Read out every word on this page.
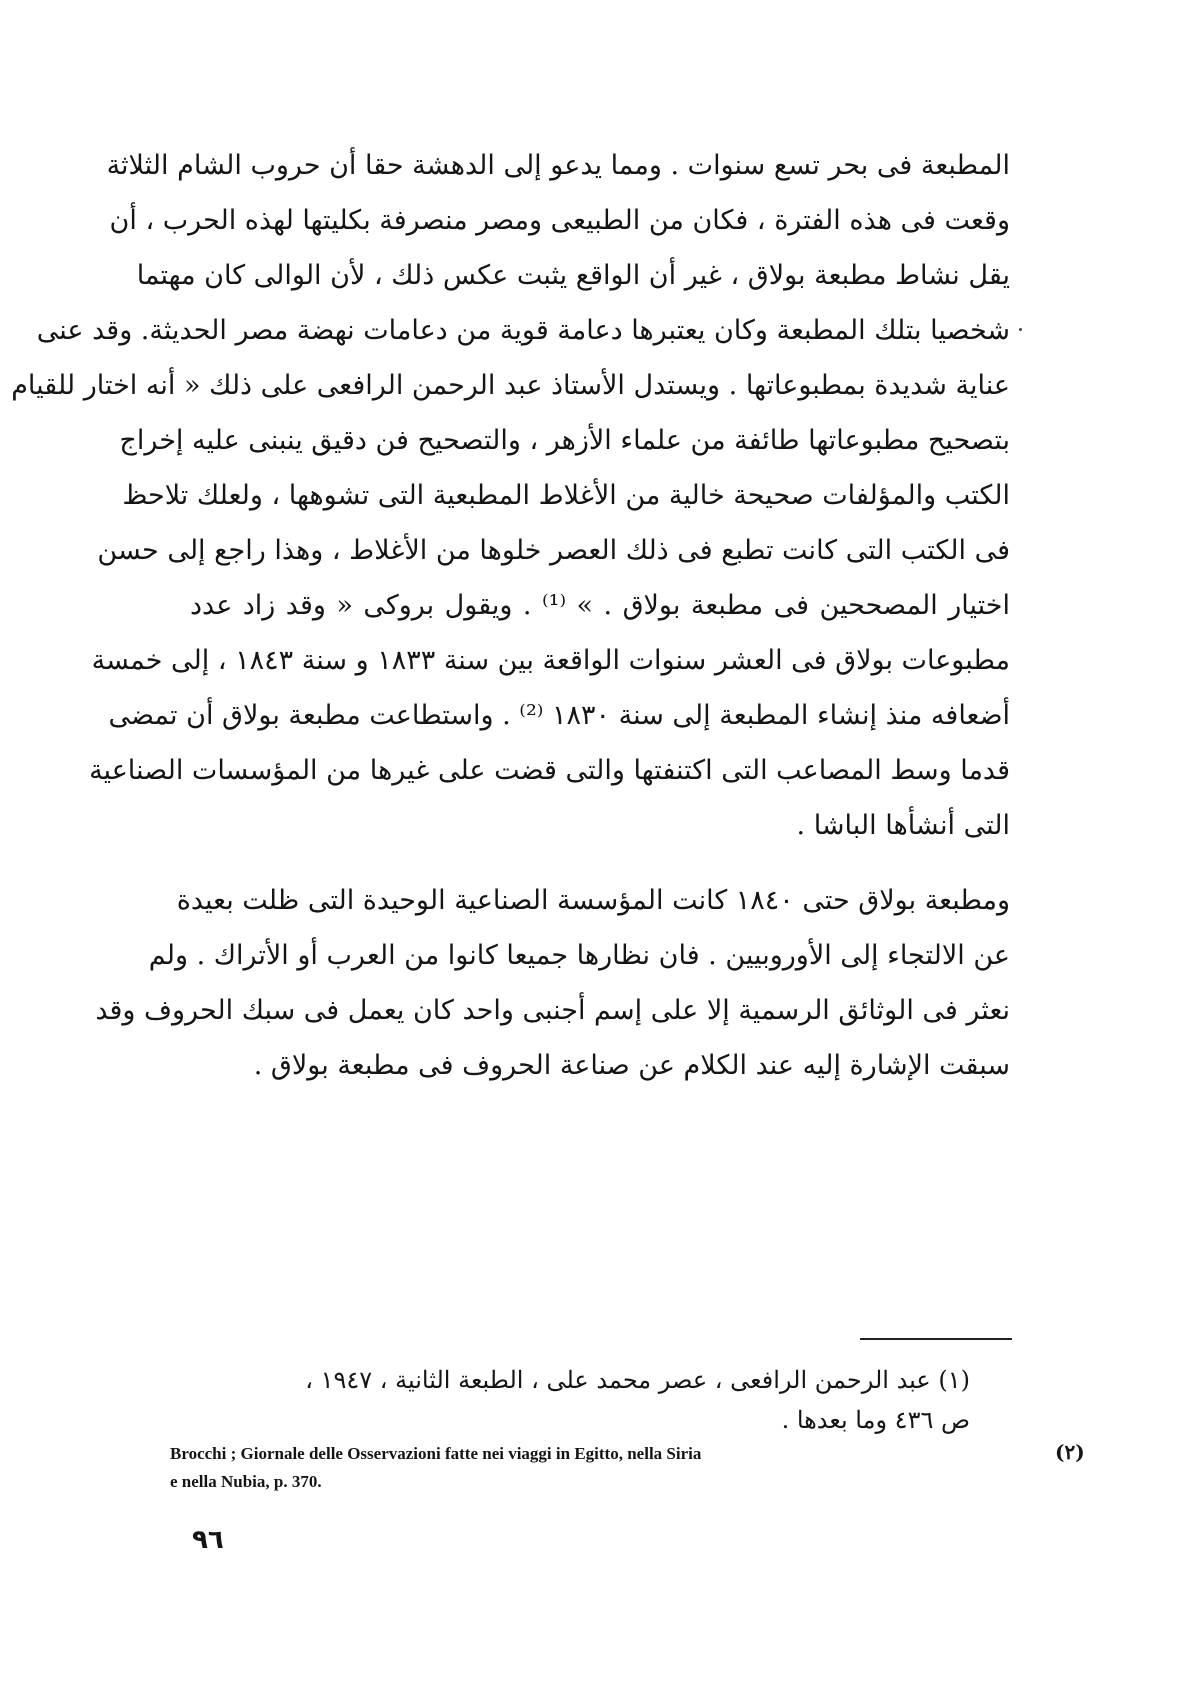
المطبعة فى بحر تسع سنوات . ومما يدعو إلى الدهشة حقا أن حروب الشام الثلاثة
وقعت فى هذه الفترة ، فكان من الطبيعى ومصر منصرفة بكليتها لهذه الحرب ، أن
يقل نشاط مطبعة بولاق ، غير أن الواقع يثبت عكس ذلك ، لأن الوالى كان مهتما
شخصيا بتلك المطبعة وكان يعتبرها دعامة قوية من دعامات نهضة مصر الحديثة. وقد عنى
عناية شديدة بمطبوعاتها . ويستدل الأستاذ عبد الرحمن الرافعى على ذلك « أنه اختار للقيام
بتصحيح مطبوعاتها طائفة من علماء الأزهر ، والتصحيح فن دقيق ينبنى عليه إخراج
الكتب والمؤلفات صحيحة خالية من الأغلاط المطبعية التى تشوهها ، ولعلك تلاحظ
فى الكتب التى كانت تطبع فى ذلك العصر خلوها من الأغلاط ، وهذا راجع إلى حسن
اختيار المصححين فى مطبعة بولاق . » ⁽¹⁾ . ويقول بروكى « وقد زاد عدد
مطبوعات بولاق فى العشر سنوات الواقعة بين سنة ١٨٣٣ و سنة ١٨٤٣ ، إلى خمسة
أضعافه منذ إنشاء المطبعة إلى سنة ١٨٣٠ ⁽²⁾ . واستطاعت مطبعة بولاق أن تمضى
قدما وسط المصاعب التى اكتنفتها والتى قضت على غيرها من المؤسسات الصناعية
التى أنشأها الباشا .
ومطبعة بولاق حتى ١٨٤٠ كانت المؤسسة الصناعية الوحيدة التى ظلت بعيدة
عن الالتجاء إلى الأوروبيين . فان نظارها جميعا كانوا من العرب أو الأتراك . ولم
نعثر فى الوثائق الرسمية إلا على إسم أجنبى واحد كان يعمل فى سبك الحروف وقد
سبقت الإشارة إليه عند الكلام عن صناعة الحروف فى مطبعة بولاق .
(١) عبد الرحمن الرافعى ، عصر محمد على ، الطبعة الثانية ، ١٩٤٧ ،
ص ٤٣٦ وما بعدها .
Brocchi ; Giornale delle Osservazioni fatte nei viaggi in Egitto, nella Siria	(٢)
e nella Nubia, p. 370.
٩٦
